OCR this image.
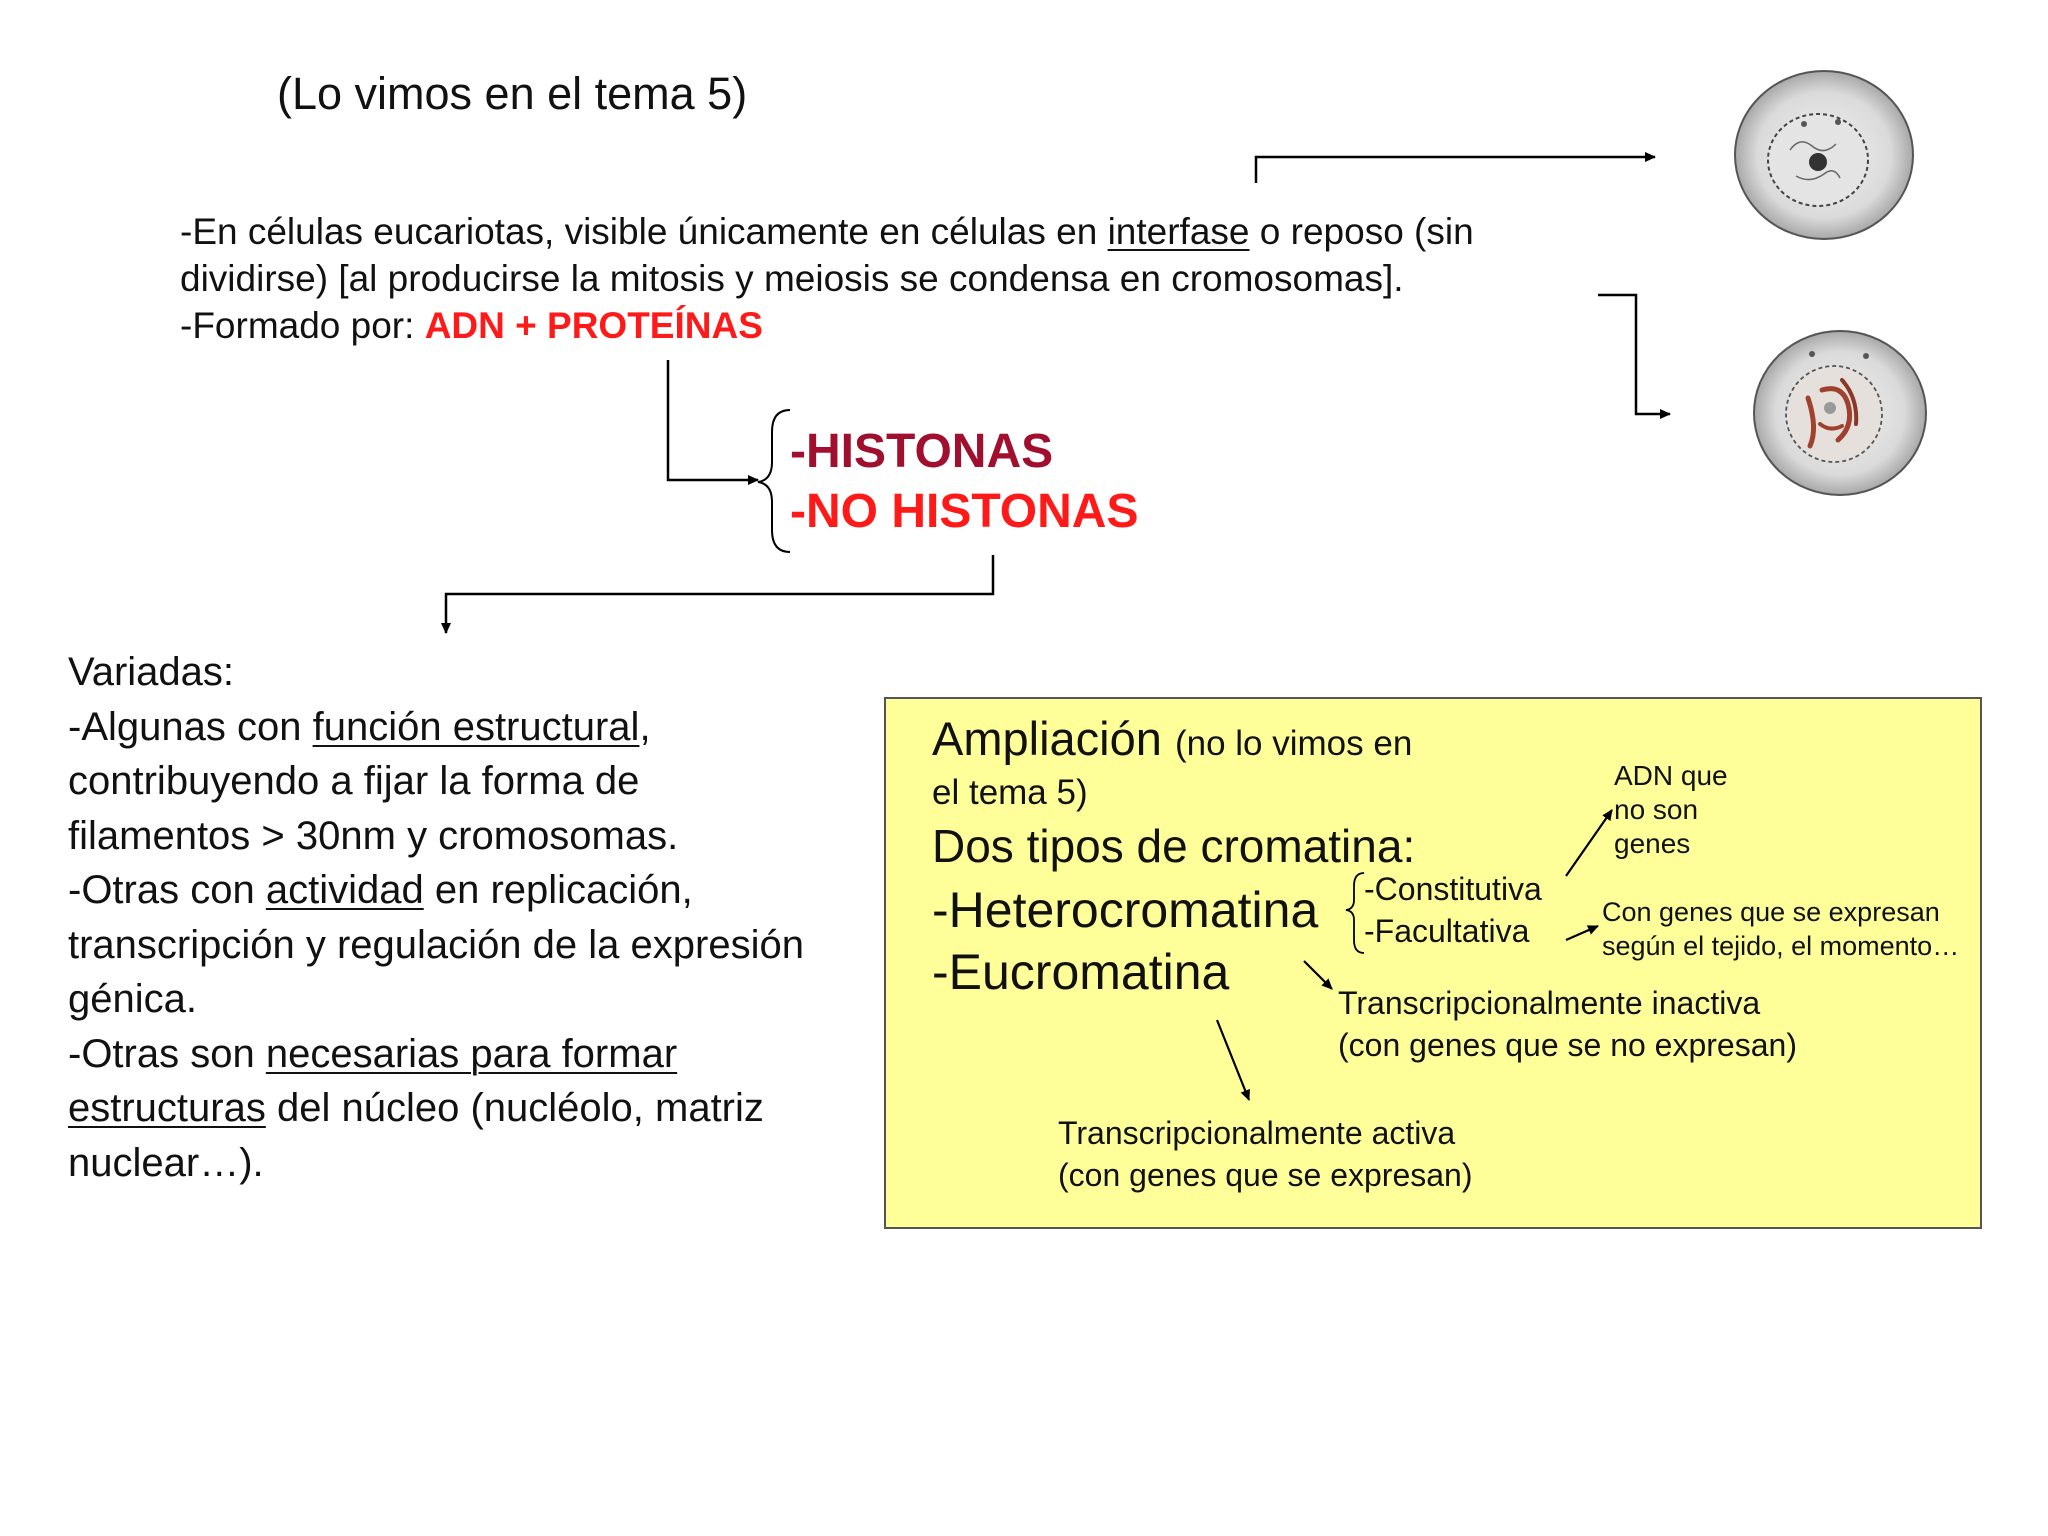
(Lo vimos en el tema 5)
-En células eucariotas, visible únicamente en células en interfase o reposo (sin dividirse) [al producirse la mitosis y meiosis se condensa en cromosomas].
-Formado por: ADN + PROTEÍNAS
-HISTONAS
-NO HISTONAS
Variadas:
-Algunas con función estructural, contribuyendo a fijar la forma de filamentos > 30nm y cromosomas.
-Otras con actividad en replicación, transcripción y regulación de la expresión génica.
-Otras son necesarias para formar estructuras del núcleo (nucléolo, matriz nuclear…).
Ampliación (no lo vimos en
el tema 5)
Dos tipos de cromatina:
-Heterocromatina
-Eucromatina
-Constitutiva
-Facultativa
ADN que no son genes
Con genes que se expresan
según el tejido, el momento…
Transcripcionalmente inactiva
(con genes que se no expresan)
Transcripcionalmente activa
(con genes que se expresan)
